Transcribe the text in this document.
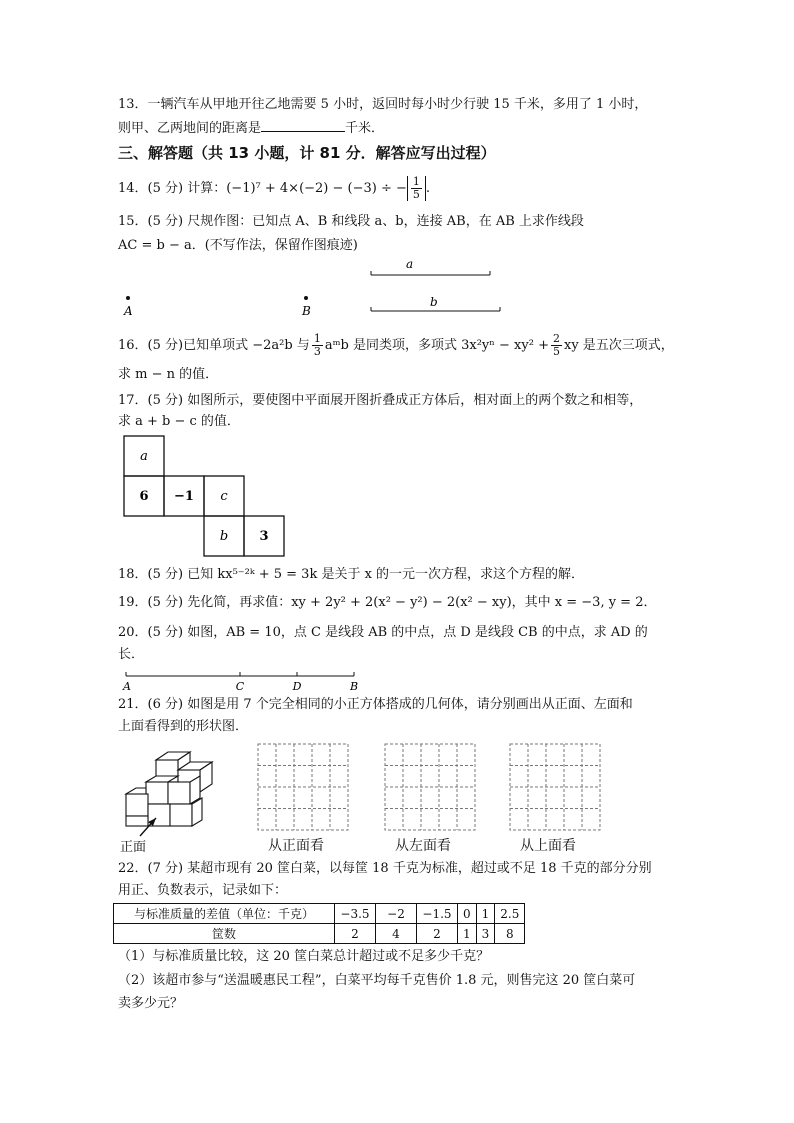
13．一辆汽车从甲地开往乙地需要 5 小时，返回时每小时少行驶 15 千米，多用了 1 小时，
则甲、乙两地间的距离是	千米．
三、解答题（共 13 小题，计 81 分．解答应写出过程）
14．(5 分) 计算：(−1)⁷ + 4×(−2) − (−3) ÷ − $\frac{1}{5}$ .
15．(5 分) 尺规作图：已知点 A、B 和线段 a、b，连接 AB，在 AB 上求作线段
AC = b − a．(不写作法，保留作图痕迹)
A	B
a
b
16．(5 分)已知单项式 −2a²b 与 $\frac{1}{3}$ aᵐb 是同类项，多项式 $3x^2y^n - xy^2 + \frac{2}{5}$ xy 是五次三项式，
求 m − n 的值．
17．(5 分) 如图所示，要使图中平面展开图折叠成正方体后，相对面上的两个数之和相等，
求 a + b − c 的值．
a
6 −1 c
b 3
18．(5 分) 已知 kx⁵⁻²ᵏ + 5 = 3k 是关于 x 的一元一次方程，求这个方程的解．
19．(5 分) 先化简，再求值：xy + 2y² + 2(x² − y²) − 2(x² − xy)，其中 x = −3, y = 2．
20．(5 分) 如图，AB = 10，点 C 是线段 AB 的中点，点 D 是线段 CB 的中点，求 AD 的
长．
A	C	D	B
21．(6 分) 如图是用 7 个完全相同的小正方体搭成的几何体，请分别画出从正面、左面和
上面看得到的形状图．
正面	从正面看	从左面看	从上面看
22．(7 分) 某超市现有 20 筐白菜，以每筐 18 千克为标准，超过或不足 18 千克的部分分别
用正、负数表示，记录如下：
与标准质量的差值（单位：千克）	−3.5	−2	−1.5	0	1	2.5
筐数	2	4	2	1	3	8
（1）与标准质量比较，这 20 筐白菜总计超过或不足多少千克？
（2）该超市参与“送温暖惠民工程”，白菜平均每千克售价 1.8 元，则售完这 20 筐白菜可
卖多少元？
